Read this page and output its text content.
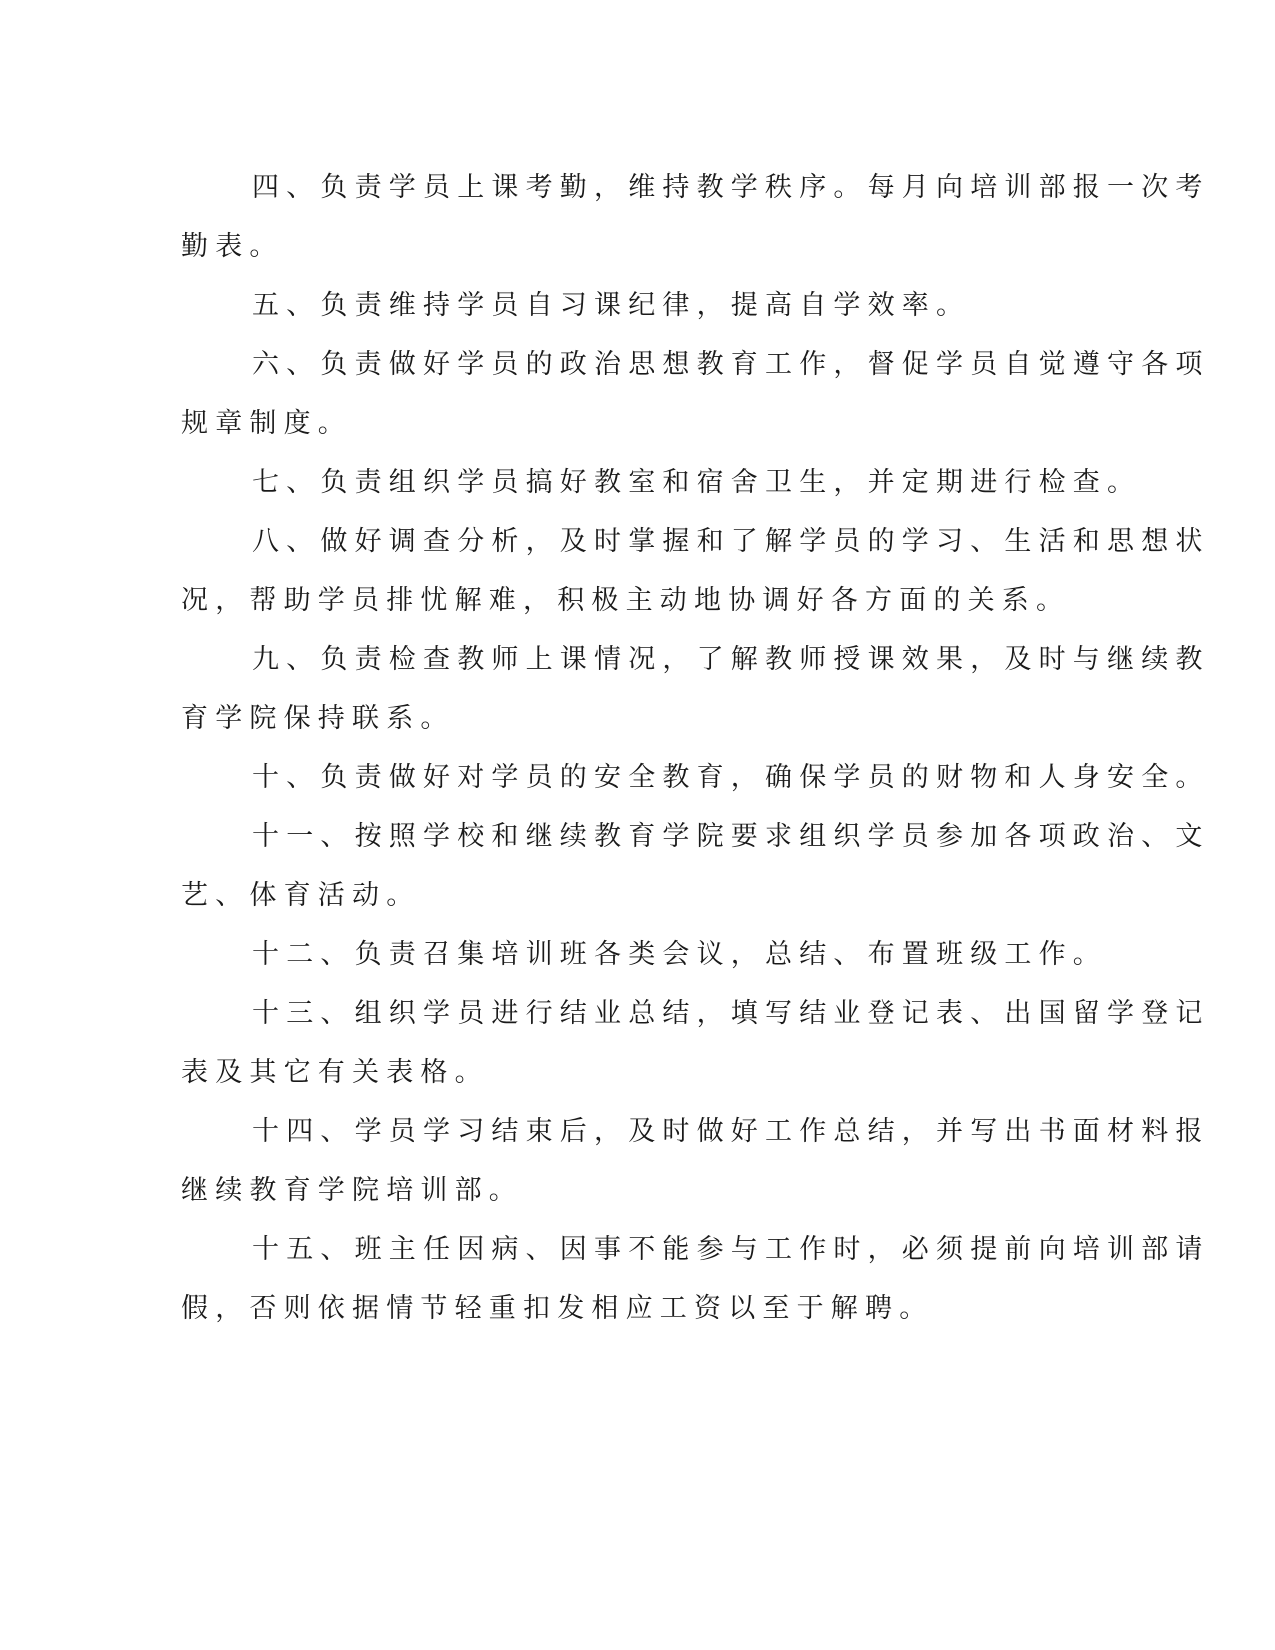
四、负责学员上课考勤，维持教学秩序。每月向培训部报一次考
勤表。
五、负责维持学员自习课纪律，提高自学效率。
六、负责做好学员的政治思想教育工作，督促学员自觉遵守各项
规章制度。
七、负责组织学员搞好教室和宿舍卫生，并定期进行检查。
八、做好调查分析，及时掌握和了解学员的学习、生活和思想状
况，帮助学员排忧解难，积极主动地协调好各方面的关系。
九、负责检查教师上课情况，了解教师授课效果，及时与继续教
育学院保持联系。
十、负责做好对学员的安全教育，确保学员的财物和人身安全。
十一、按照学校和继续教育学院要求组织学员参加各项政治、文
艺、体育活动。
十二、负责召集培训班各类会议，总结、布置班级工作。
十三、组织学员进行结业总结，填写结业登记表、出国留学登记
表及其它有关表格。
十四、学员学习结束后，及时做好工作总结，并写出书面材料报
继续教育学院培训部。
十五、班主任因病、因事不能参与工作时，必须提前向培训部请
假，否则依据情节轻重扣发相应工资以至于解聘。
